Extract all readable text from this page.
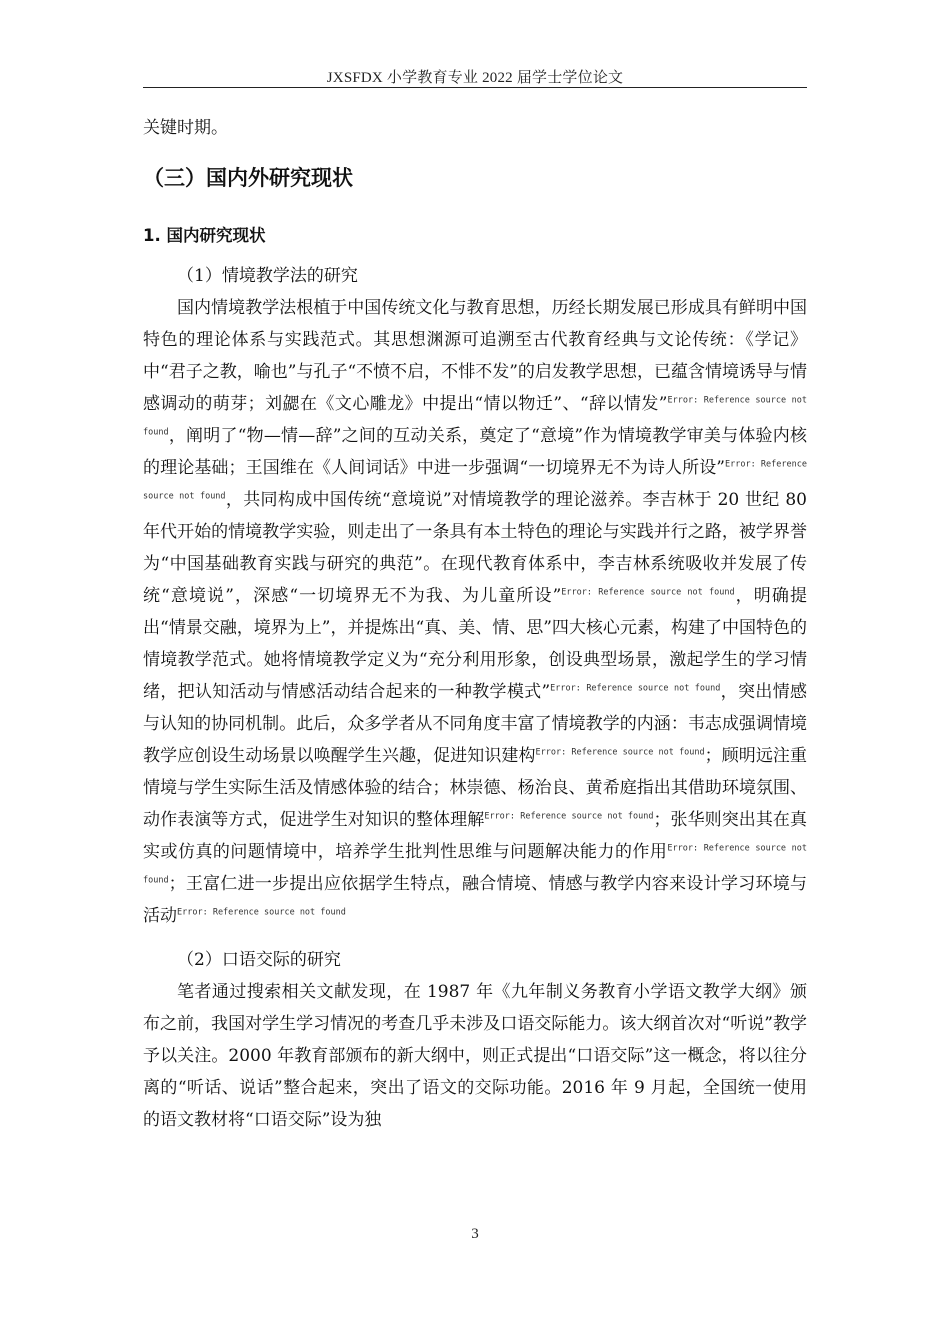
JXSFDX 小学教育专业 2022 届学士学位论文

关键时期。

（三）国内外研究现状

1. 国内研究现状

（1）情境教学法的研究

国内情境教学法根植于中国传统文化与教育思想，历经长期发展已形成具有鲜明中国特色的理论体系与实践范式。其思想渊源可追溯至古代教育经典与文论传统：《学记》中“君子之教，喻也”与孔子“不愤不启，不悱不发”的启发教学思想，已蕴含情境诱导与情感调动的萌芽；刘勰在《文心雕龙》中提出“情以物迁”、“辞以情发”$^{Error: Reference source not found}$，阐明了“物—情—辞”之间的互动关系，奠定了“意境”作为情境教学审美与体验内核的理论基础；王国维在《人间词话》中进一步强调“一切境界无不为诗人所设”$^{Error: Reference source not found}$，共同构成中国传统“意境说”对情境教学的理论滋养。李吉林于 20 世纪 80 年代开始的情境教学实验，则走出了一条具有本土特色的理论与实践并行之路，被学界誉为“中国基础教育实践与研究的典范”。在现代教育体系中，李吉林系统吸收并发展了传统“意境说”，深感“一切境界无不为我、为儿童所设”$^{Error: Reference source not found}$，明确提出“情景交融，境界为上”，并提炼出“真、美、情、思”四大核心元素，构建了中国特色的情境教学范式。她将情境教学定义为“充分利用形象，创设典型场景，激起学生的学习情绪，把认知活动与情感活动结合起来的一种教学模式”$^{Error: Reference source not found}$，突出情感与认知的协同机制。此后，众多学者从不同角度丰富了情境教学的内涵：韦志成强调情境教学应创设生动场景以唤醒学生兴趣，促进知识建构$^{Error: Reference source not found}$；顾明远注重情境与学生实际生活及情感体验的结合；林崇德、杨治良、黄希庭指出其借助环境氛围、动作表演等方式，促进学生对知识的整体理解$^{Error: Reference source not found}$；张华则突出其在真实或仿真的问题情境中，培养学生批判性思维与问题解决能力的作用$^{Error: Reference source not found}$；王富仁进一步提出应依据学生特点，融合情境、情感与教学内容来设计学习环境与活动$^{Error: Reference source not found}$

（2）口语交际的研究

笔者通过搜索相关文献发现，在 1987 年《九年制义务教育小学语文教学大纲》颁布之前，我国对学生学习情况的考查几乎未涉及口语交际能力。该大纲首次对“听说”教学予以关注。2000 年教育部颁布的新大纲中，则正式提出“口语交际”这一概念，将以往分离的“听话、说话”整合起来，突出了语文的交际功能。2016 年 9 月起，全国统一使用的语文教材将“口语交际”设为独

3
